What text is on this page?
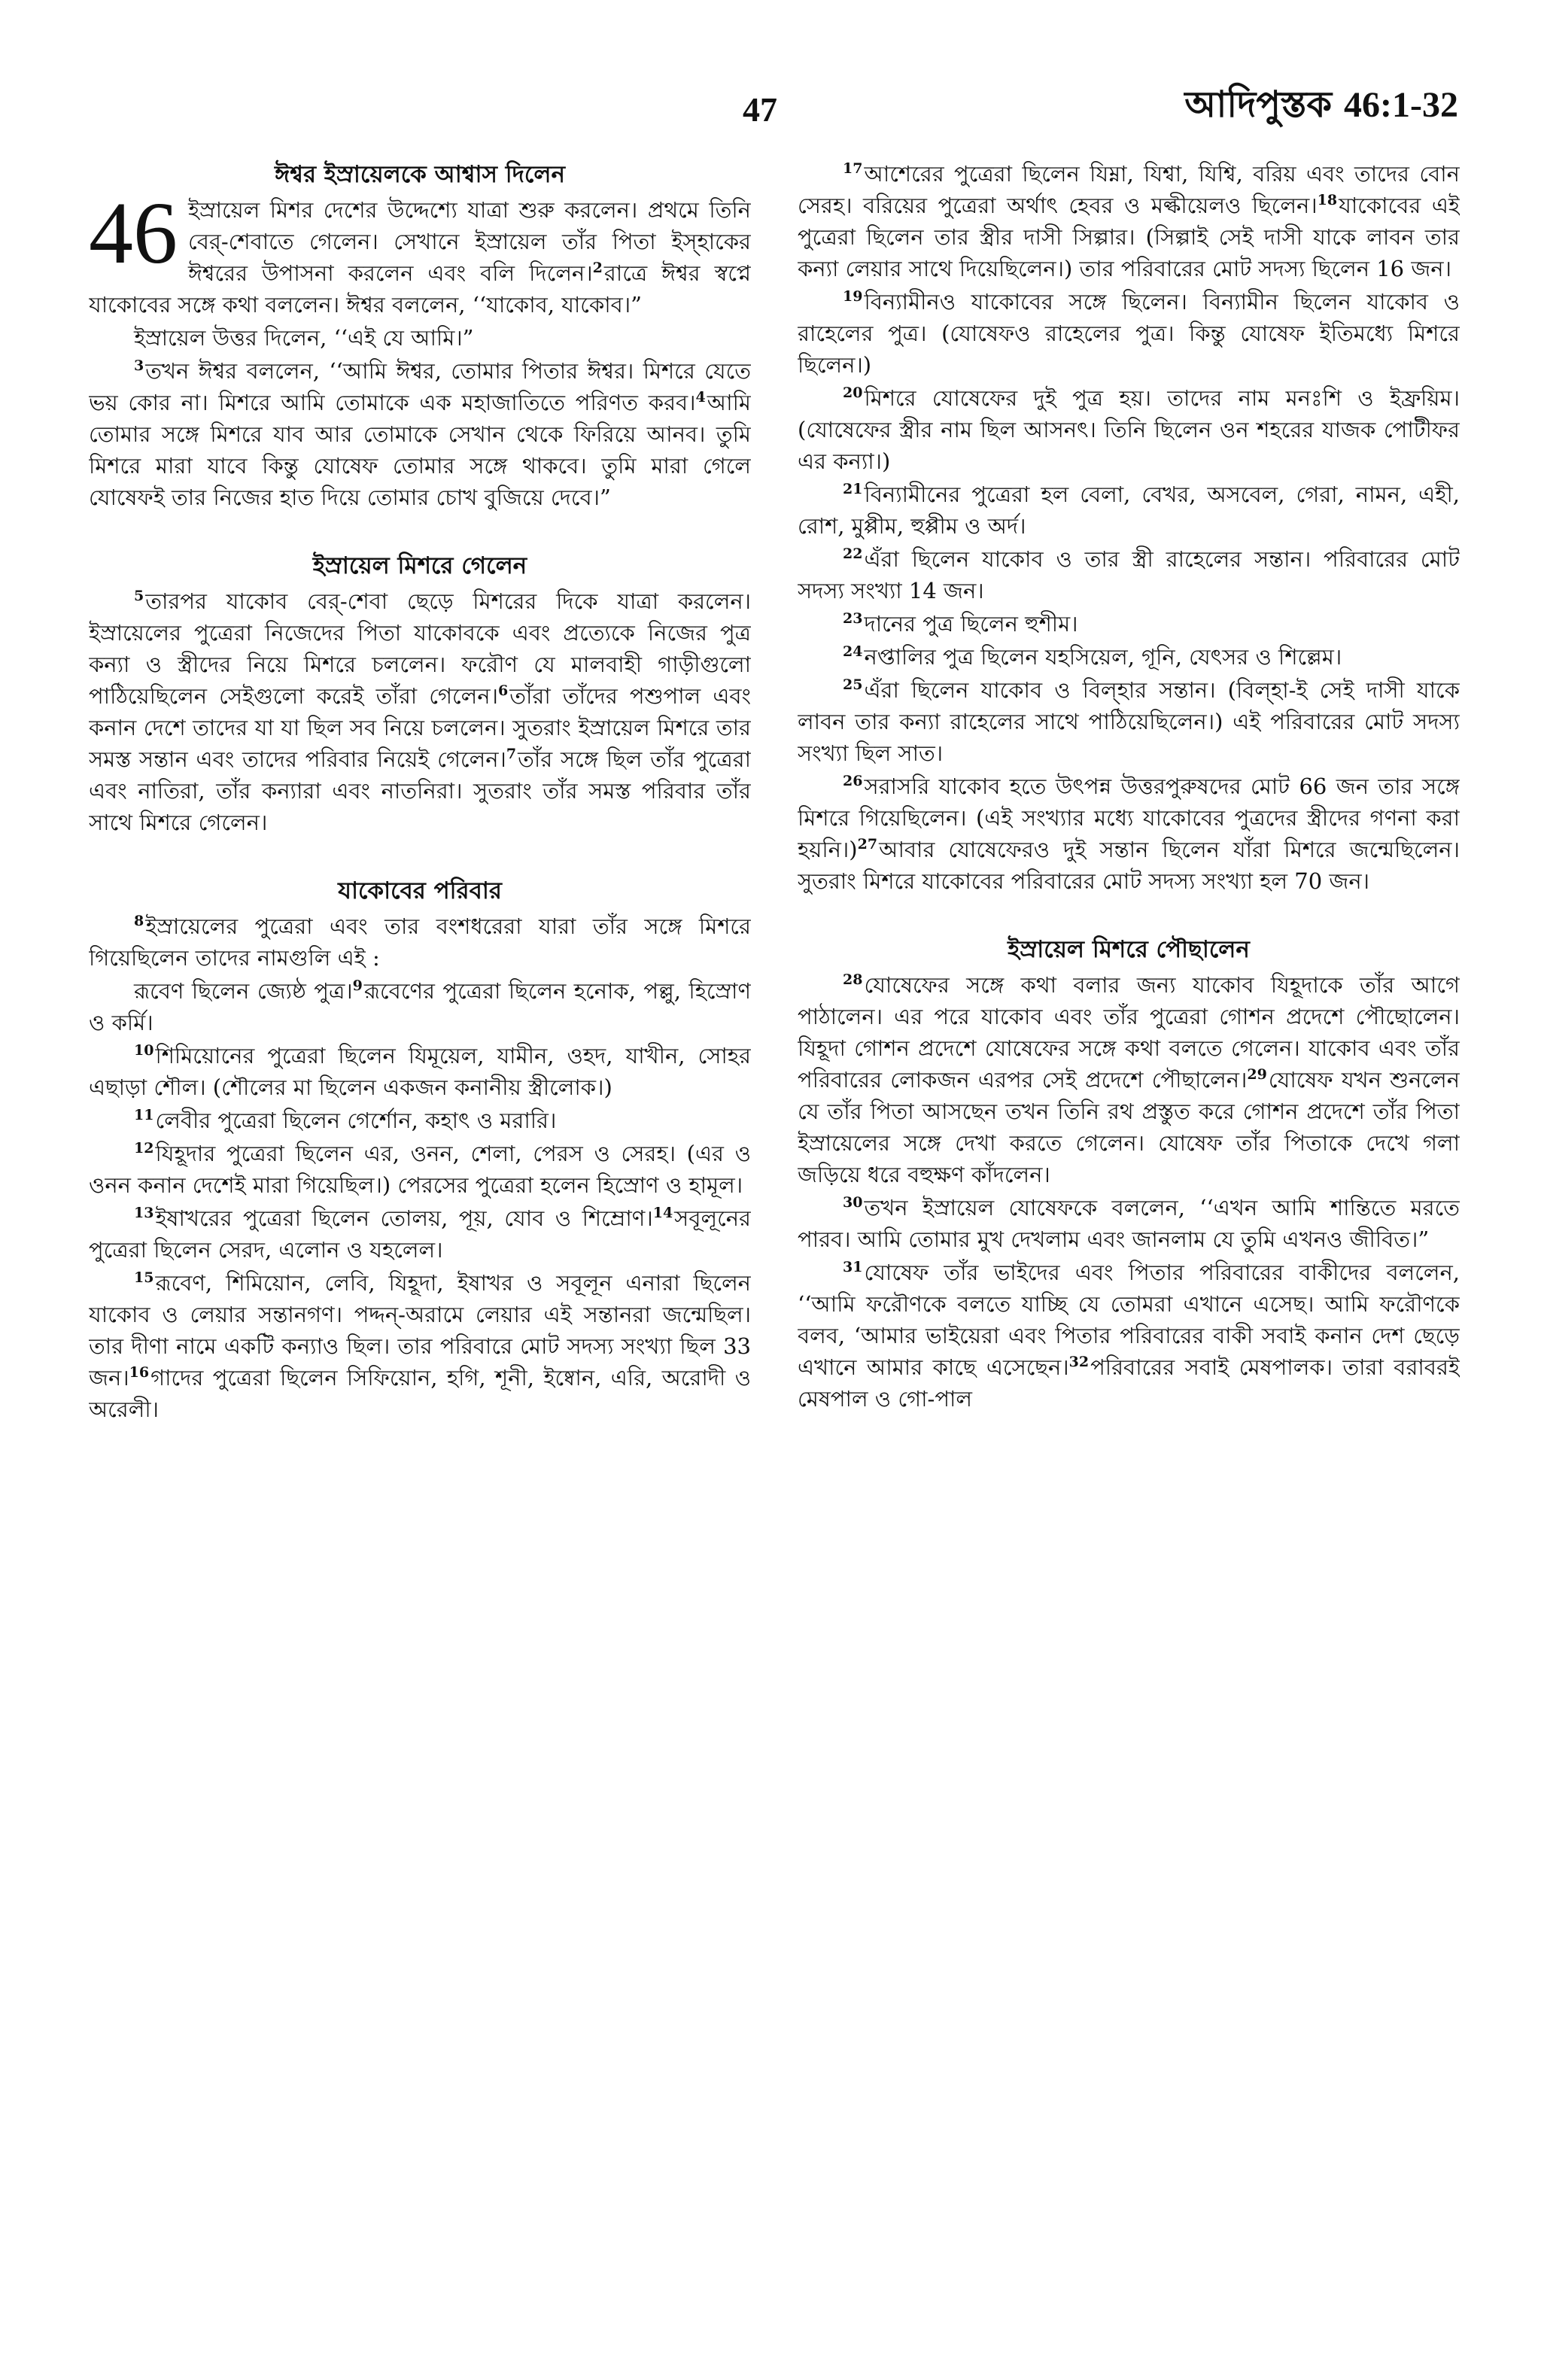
47	আদিপুস্তক 46:1-32
ঈশ্বর ইস্রায়েলকে আশ্বাস দিলেন

46 ইস্রায়েল মিশর দেশের উদ্দেশ্যে যাত্রা শুরু করলেন। প্রথমে তিনি বের্-শেবাতে গেলেন। সেখানে ইস্রায়েল তাঁর পিতা ইস্হাকের ঈশ্বরের উপাসনা করলেন এবং বলি দিলেন।$^2$রাত্রে ঈশ্বর স্বপ্নে যাকোবের সঙ্গে কথা বললেন। ঈশ্বর বললেন, ‘‘যাকোব, যাকোব।”

ইস্রায়েল উত্তর দিলেন, ‘‘এই যে আমি।”

$^3$তখন ঈশ্বর বললেন, ‘‘আমি ঈশ্বর, তোমার পিতার ঈশ্বর। মিশরে যেতে ভয় কোর না। মিশরে আমি তোমাকে এক মহাজাতিতে পরিণত করব।$^4$আমি তোমার সঙ্গে মিশরে যাব আর তোমাকে সেখান থেকে ফিরিয়ে আনব। তুমি মিশরে মারা যাবে কিন্তু যোষেফ তোমার সঙ্গে থাকবে। তুমি মারা গেলে যোষেফই তার নিজের হাত দিয়ে তোমার চোখ বুজিয়ে দেবে।”

ইস্রায়েল মিশরে গেলেন

$^5$তারপর যাকোব বের্-শেবা ছেড়ে মিশরের দিকে যাত্রা করলেন। ইস্রায়েলের পুত্রেরা নিজেদের পিতা যাকোবকে এবং প্রত্যেকে নিজের পুত্র কন্যা ও স্ত্রীদের নিয়ে মিশরে চললেন। ফরৌণ যে মালবাহী গাড়ীগুলো পাঠিয়েছিলেন সেইগুলো করেই তাঁরা গেলেন।$^6$তাঁরা তাঁদের পশুপাল এবং কনান দেশে তাদের যা যা ছিল সব নিয়ে চললেন। সুতরাং ইস্রায়েল মিশরে তার সমস্ত সন্তান এবং তাদের পরিবার নিয়েই গেলেন।$^7$তাঁর সঙ্গে ছিল তাঁর পুত্রেরা এবং নাতিরা, তাঁর কন্যারা এবং নাতনিরা। সুতরাং তাঁর সমস্ত পরিবার তাঁর সাথে মিশরে গেলেন।

যাকোবের পরিবার

$^8$ইস্রায়েলের পুত্রেরা এবং তার বংশধরেরা যারা তাঁর সঙ্গে মিশরে গিয়েছিলেন তাদের নামগুলি এই :

রূবেণ ছিলেন জ্যেষ্ঠ পুত্র।$^9$রূবেণের পুত্রেরা ছিলেন হনোক, পল্লু, হিস্রোণ ও কর্মি।

$^{10}$শিমিয়োনের পুত্রেরা ছিলেন যিমূয়েল, যামীন, ওহদ, যাখীন, সোহর এছাড়া শৌল। (শৌলের মা ছিলেন একজন কনানীয় স্ত্রীলোক।)

$^{11}$লেবীর পুত্রেরা ছিলেন গের্শোন, কহাৎ ও মরারি।

$^{12}$যিহূদার পুত্রেরা ছিলেন এর, ওনন, শেলা, পেরস ও সেরহ। (এর ও ওনন কনান দেশেই মারা গিয়েছিল।) পেরসের পুত্রেরা হলেন হিস্রোণ ও হামূল।

$^{13}$ইষাখরের পুত্রেরা ছিলেন তোলয়, পূয়, যোব ও শিম্রোণ।$^{14}$সবূলূনের পুত্রেরা ছিলেন সেরদ, এলোন ও যহলেল।

$^{15}$রূবেণ, শিমিয়োন, লেবি, যিহূদা, ইষাখর ও সবূলূন এনারা ছিলেন যাকোব ও লেয়ার সন্তানগণ। পদ্দন্-অরামে লেয়ার এই সন্তানরা জন্মেছিল। তার দীণা নামে একটি কন্যাও ছিল। তার পরিবারে মোট সদস্য সংখ্যা ছিল 33 জন।$^{16}$গাদের পুত্রেরা ছিলেন সিফিয়োন, হগি, শূনী, ইষ্বোন, এরি, অরোদী ও অরেলী।

$^{17}$আশেরের পুত্রেরা ছিলেন যিম্না, যিশ্বা, যিশ্বি, বরিয় এবং তাদের বোন সেরহ। বরিয়ের পুত্রেরা অর্থাৎ হেবর ও মল্কীয়েলও ছিলেন।$^{18}$যাকোবের এই পুত্রেরা ছিলেন তার স্ত্রীর দাসী সিল্পার। (সিল্পাই সেই দাসী যাকে লাবন তার কন্যা লেয়ার সাথে দিয়েছিলেন।) তার পরিবারের মোট সদস্য ছিলেন 16 জন।

$^{19}$বিন্যামীনও যাকোবের সঙ্গে ছিলেন। বিন্যামীন ছিলেন যাকোব ও রাহেলের পুত্র। (যোষেফও রাহেলের পুত্র। কিন্তু যোষেফ ইতিমধ্যে মিশরে ছিলেন।)

$^{20}$মিশরে যোষেফের দুই পুত্র হয়। তাদের নাম মনঃশি ও ইফ্রয়িম। (যোষেফের স্ত্রীর নাম ছিল আসনৎ। তিনি ছিলেন ওন শহরের যাজক পোটীফর এর কন্যা।)

$^{21}$বিন্যামীনের পুত্রেরা হল বেলা, বেখর, অসবেল, গেরা, নামন, এহী, রোশ, মুপ্পীম, হুপ্পীম ও অর্দ।

$^{22}$এঁরা ছিলেন যাকোব ও তার স্ত্রী রাহেলের সন্তান। পরিবারের মোট সদস্য সংখ্যা 14 জন।

$^{23}$দানের পুত্র ছিলেন হুশীম।

$^{24}$নপ্তালির পুত্র ছিলেন যহসিয়েল, গূনি, যেৎসর ও শিল্লেম।

$^{25}$এঁরা ছিলেন যাকোব ও বিল্হার সন্তান। (বিল্হা-ই সেই দাসী যাকে লাবন তার কন্যা রাহেলের সাথে পাঠিয়েছিলেন।) এই পরিবারের মোট সদস্য সংখ্যা ছিল সাত।

$^{26}$সরাসরি যাকোব হতে উৎপন্ন উত্তরপুরুষদের মোট 66 জন তার সঙ্গে মিশরে গিয়েছিলেন। (এই সংখ্যার মধ্যে যাকোবের পুত্রদের স্ত্রীদের গণনা করা হয়নি।)$^{27}$আবার যোষেফেরও দুই সন্তান ছিলেন যাঁরা মিশরে জন্মেছিলেন। সুতরাং মিশরে যাকোবের পরিবারের মোট সদস্য সংখ্যা হল 70 জন।

ইস্রায়েল মিশরে পৌছালেন

$^{28}$যোষেফের সঙ্গে কথা বলার জন্য যাকোব যিহূদাকে তাঁর আগে পাঠালেন। এর পরে যাকোব এবং তাঁর পুত্রেরা গোশন প্রদেশে পৌছোলেন। যিহূদা গোশন প্রদেশে যোষেফের সঙ্গে কথা বলতে গেলেন। যাকোব এবং তাঁর পরিবারের লোকজন এরপর সেই প্রদেশে পৌছালেন।$^{29}$যোষেফ যখন শুনলেন যে তাঁর পিতা আসছেন তখন তিনি রথ প্রস্তুত করে গোশন প্রদেশে তাঁর পিতা ইস্রায়েলের সঙ্গে দেখা করতে গেলেন। যোষেফ তাঁর পিতাকে দেখে গলা জড়িয়ে ধরে বহুক্ষণ কাঁদলেন।

$^{30}$তখন ইস্রায়েল যোষেফকে বললেন, ‘‘এখন আমি শান্তিতে মরতে পারব। আমি তোমার মুখ দেখলাম এবং জানলাম যে তুমি এখনও জীবিত।”

$^{31}$যোষেফ তাঁর ভাইদের এবং পিতার পরিবারের বাকীদের বললেন, ‘‘আমি ফরৌণকে বলতে যাচ্ছি যে তোমরা এখানে এসেছ। আমি ফরৌণকে বলব, ‘আমার ভাইয়েরা এবং পিতার পরিবারের বাকী সবাই কনান দেশ ছেড়ে এখানে আমার কাছে এসেছেন।$^{32}$পরিবারের সবাই মেষপালক। তারা বরাবরই মেষপাল ও গো-পাল
